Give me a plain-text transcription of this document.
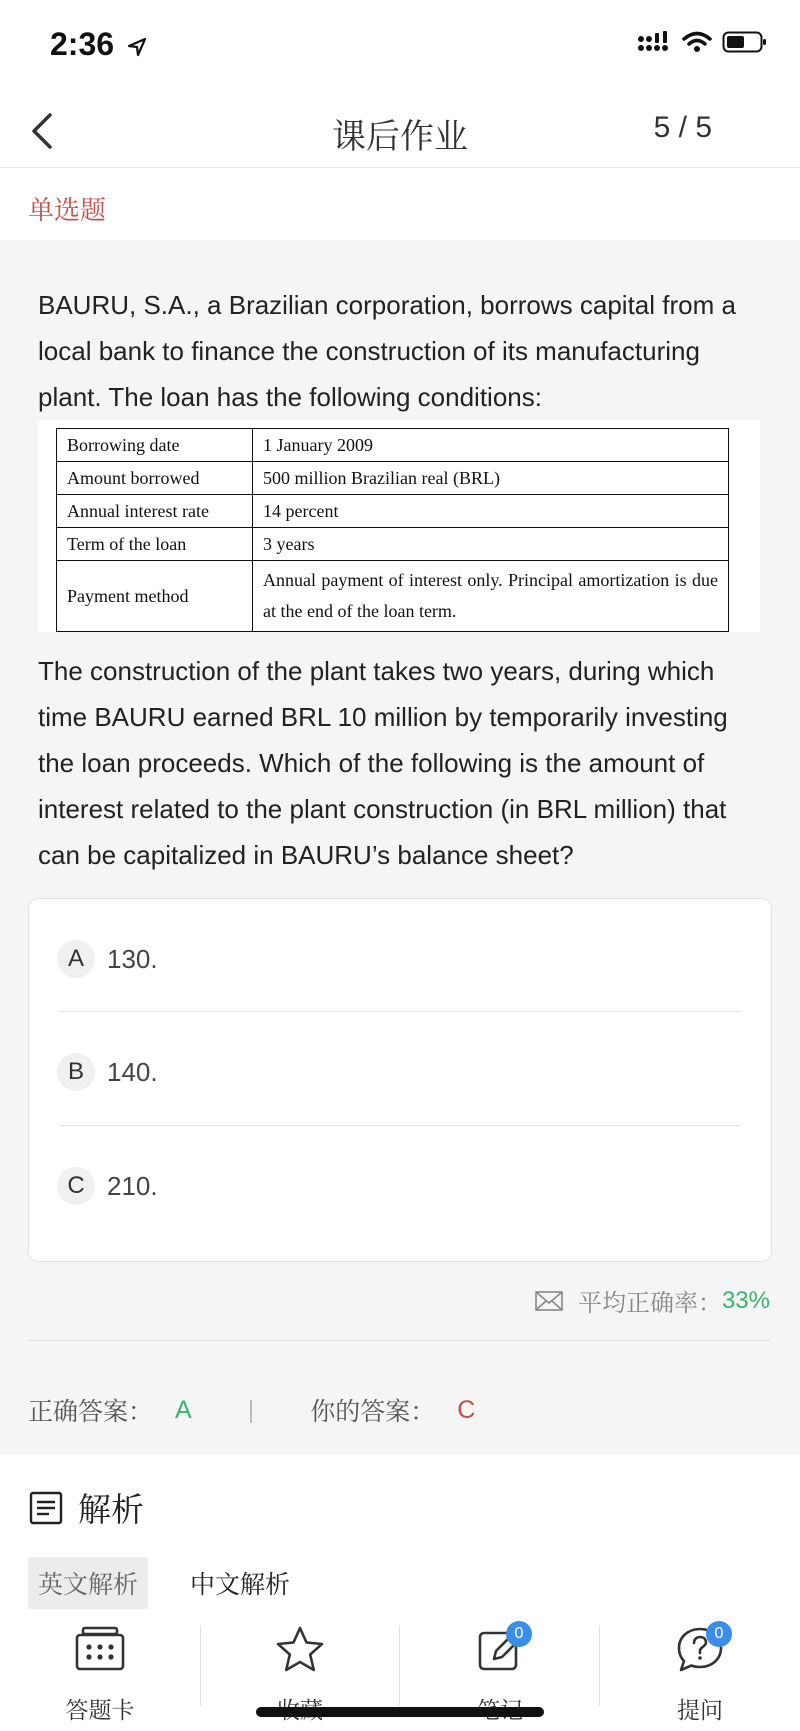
2:36
课后作业	5 / 5
单选题
BAURU, S.A., a Brazilian corporation, borrows capital from a local bank to finance the construction of its manufacturing plant. The loan has the following conditions:
Borrowing date	1 January 2009
Amount borrowed	500 million Brazilian real (BRL)
Annual interest rate	14 percent
Term of the loan	3 years
Payment method	Annual payment of interest only. Principal amortization is due at the end of the loan term.
The construction of the plant takes two years, during which time BAURU earned BRL 10 million by temporarily investing the loan proceeds. Which of the following is the amount of interest related to the plant construction (in BRL million) that can be capitalized in BAURU’s balance sheet?
A 130.
B 140.
C 210.
平均正确率： 33%
正确答案： A | 你的答案： C
解析
英文解析	中文解析
答题卡
0	0
提问
